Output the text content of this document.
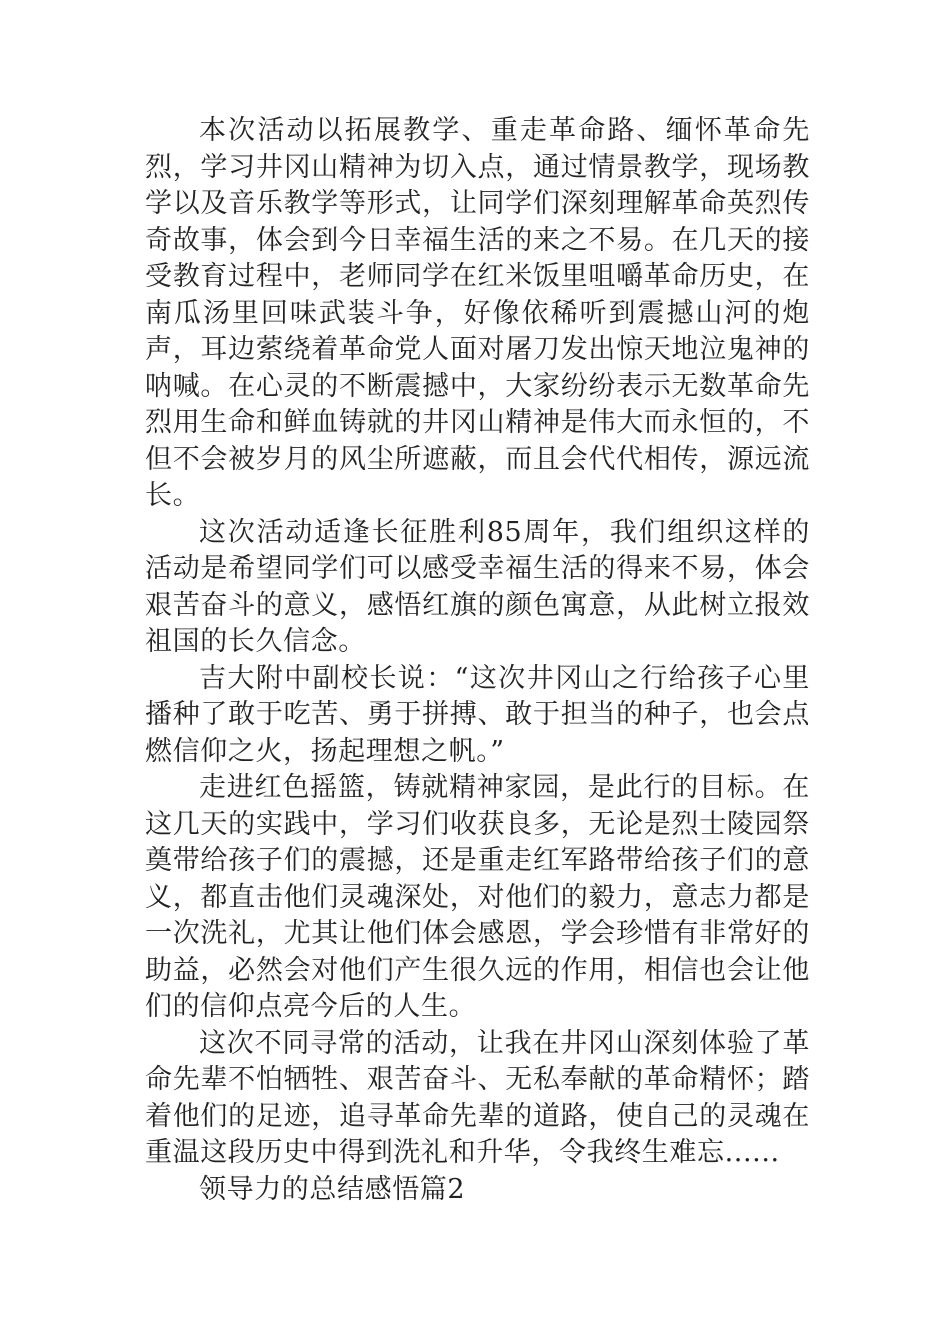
本次活动以拓展教学、重走革命路、缅怀革命先烈，学习井冈山精神为切入点，通过情景教学，现场教学以及音乐教学等形式，让同学们深刻理解革命英烈传奇故事，体会到今日幸福生活的来之不易。在几天的接受教育过程中，老师同学在红米饭里咀嚼革命历史，在南瓜汤里回味武装斗争，好像依稀听到震撼山河的炮声，耳边萦绕着革命党人面对屠刀发出惊天地泣鬼神的呐喊。在心灵的不断震撼中，大家纷纷表示无数革命先烈用生命和鲜血铸就的井冈山精神是伟大而永恒的，不但不会被岁月的风尘所遮蔽，而且会代代相传，源远流长。

这次活动适逢长征胜利85周年，我们组织这样的活动是希望同学们可以感受幸福生活的得来不易，体会艰苦奋斗的意义，感悟红旗的颜色寓意，从此树立报效祖国的长久信念。

吉大附中副校长说：“这次井冈山之行给孩子心里播种了敢于吃苦、勇于拼搏、敢于担当的种子，也会点燃信仰之火，扬起理想之帆。”

走进红色摇篮，铸就精神家园，是此行的目标。在这几天的实践中，学习们收获良多，无论是烈士陵园祭奠带给孩子们的震撼，还是重走红军路带给孩子们的意义，都直击他们灵魂深处，对他们的毅力，意志力都是一次洗礼，尤其让他们体会感恩，学会珍惜有非常好的助益，必然会对他们产生很久远的作用，相信也会让他们的信仰点亮今后的人生。

这次不同寻常的活动，让我在井冈山深刻体验了革命先辈不怕牺牲、艰苦奋斗、无私奉献的革命精怀；踏着他们的足迹，追寻革命先辈的道路，使自己的灵魂在重温这段历史中得到洗礼和升华，令我终生难忘......

领导力的总结感悟篇2
